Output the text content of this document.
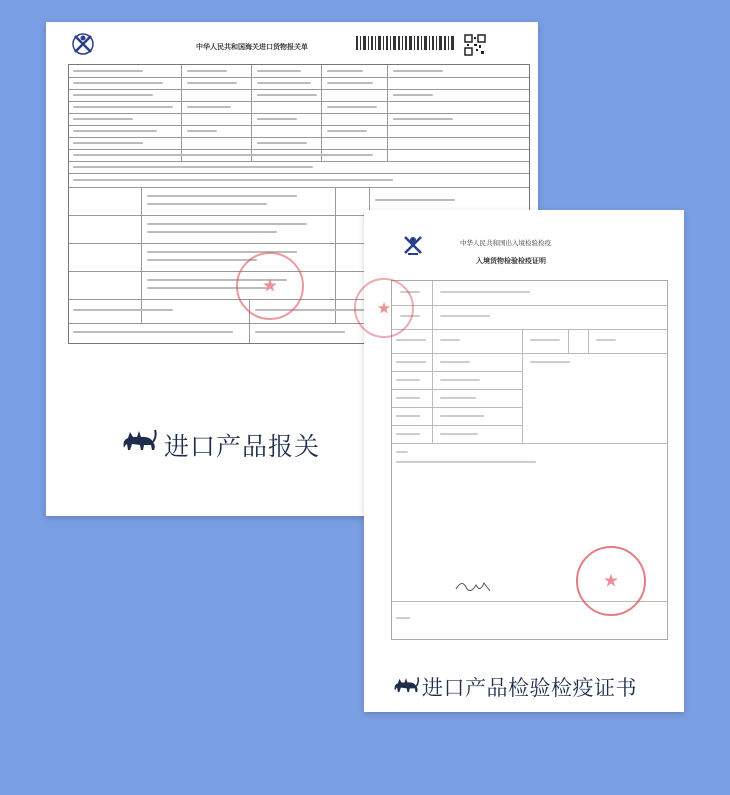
中华人民共和国海关进口货物报关单
★
进口产品报关
中华人民共和国出入境检验检疫
入境货物检验检疫证明
★
★
进口产品检验检疫证书
